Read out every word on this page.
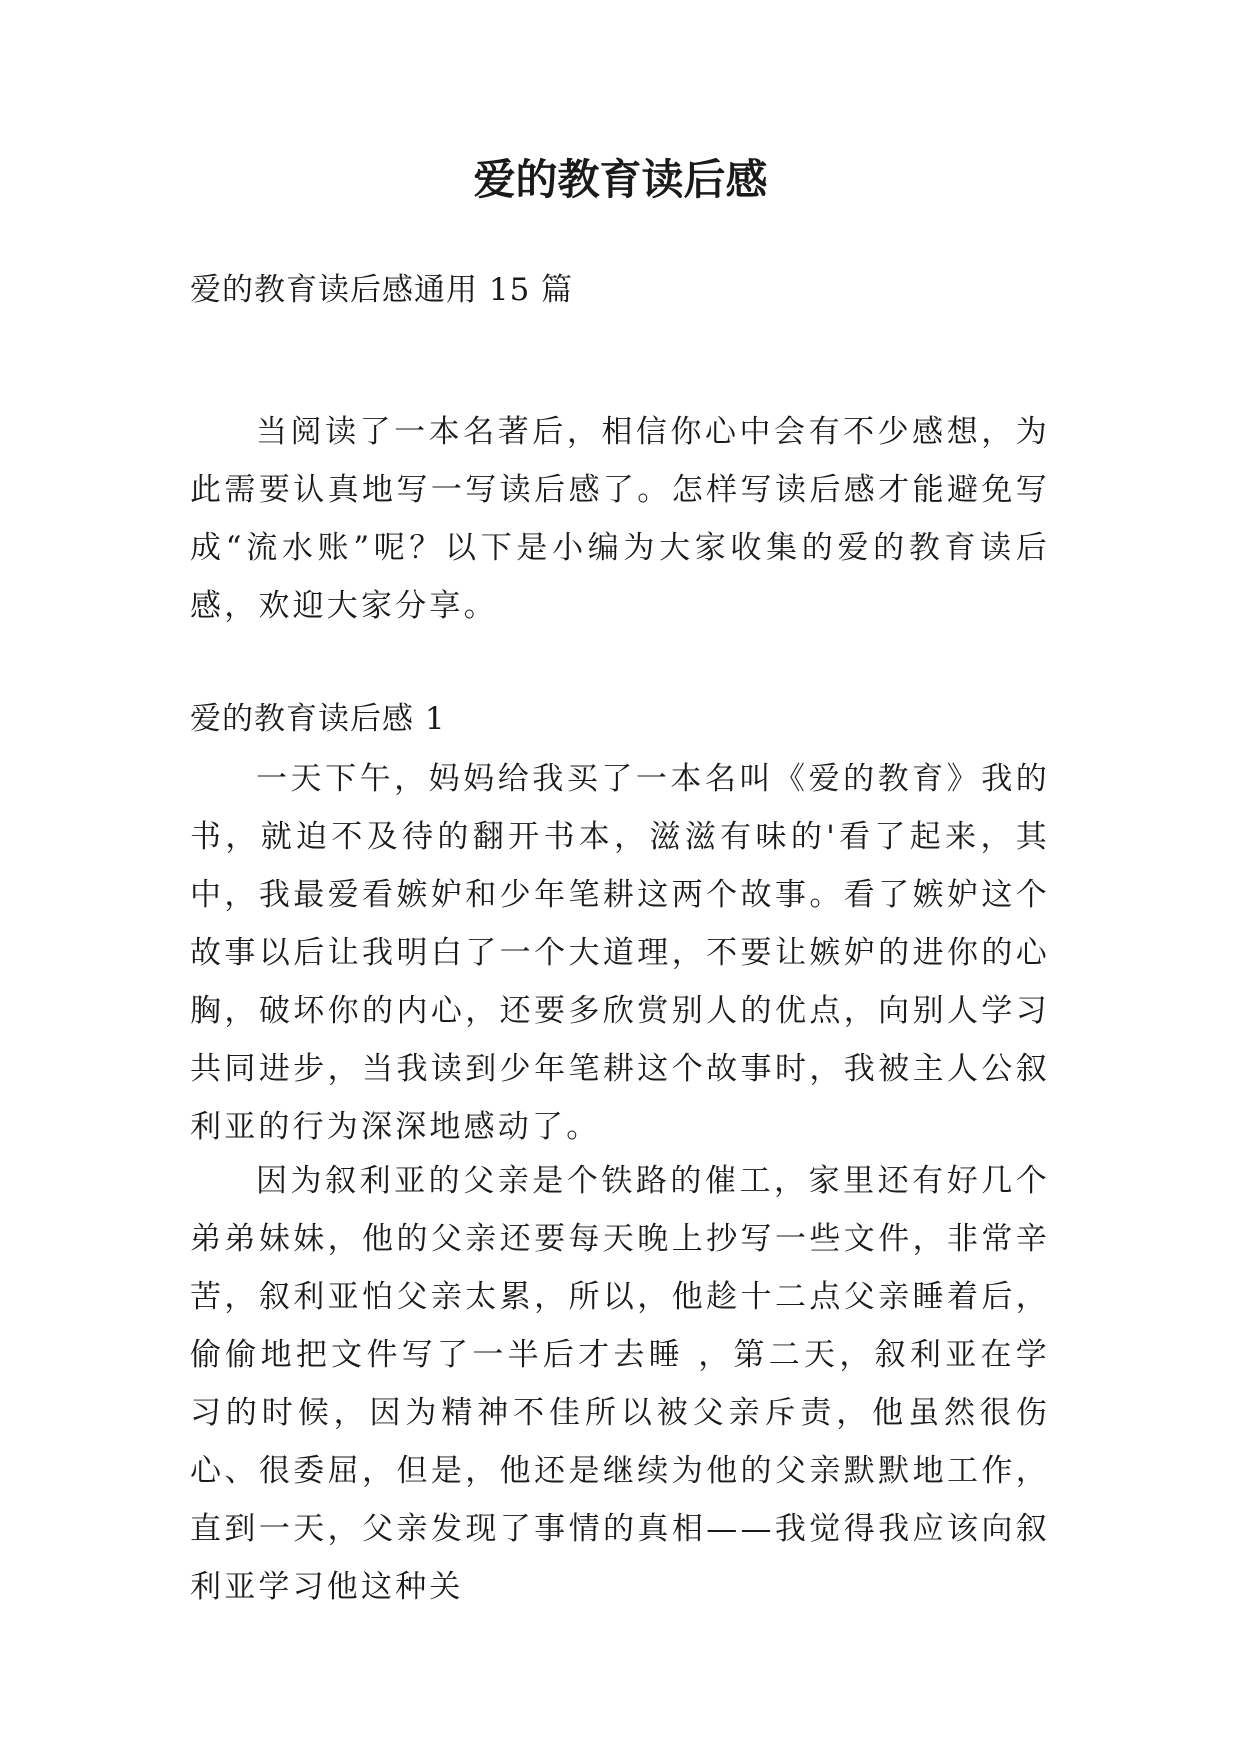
爱的教育读后感

爱的教育读后感通用 15 篇

当阅读了一本名著后，相信你心中会有不少感想，为此需要认真地写一写读后感了。怎样写读后感才能避免写成“流水账”呢？以下是小编为大家收集的爱的教育读后感，欢迎大家分享。

爱的教育读后感 1

一天下午，妈妈给我买了一本名叫《爱的教育》我的书，就迫不及待的翻开书本，滋滋有味的'看了起来，其中，我最爱看嫉妒和少年笔耕这两个故事。看了嫉妒这个故事以后让我明白了一个大道理，不要让嫉妒的进你的心胸，破坏你的内心，还要多欣赏别人的优点，向别人学习共同进步，当我读到少年笔耕这个故事时，我被主人公叙利亚的行为深深地感动了。

因为叙利亚的父亲是个铁路的催工，家里还有好几个弟弟妹妹，他的父亲还要每天晚上抄写一些文件，非常辛苦，叙利亚怕父亲太累，所以，他趁十二点父亲睡着后，偷偷地把文件写了一半后才去睡 ，第二天，叙利亚在学习的时候，因为精神不佳所以被父亲斥责，他虽然很伤心、很委屈，但是，他还是继续为他的父亲默默地工作，直到一天，父亲发现了事情的真相——我觉得我应该向叙利亚学习他这种关
